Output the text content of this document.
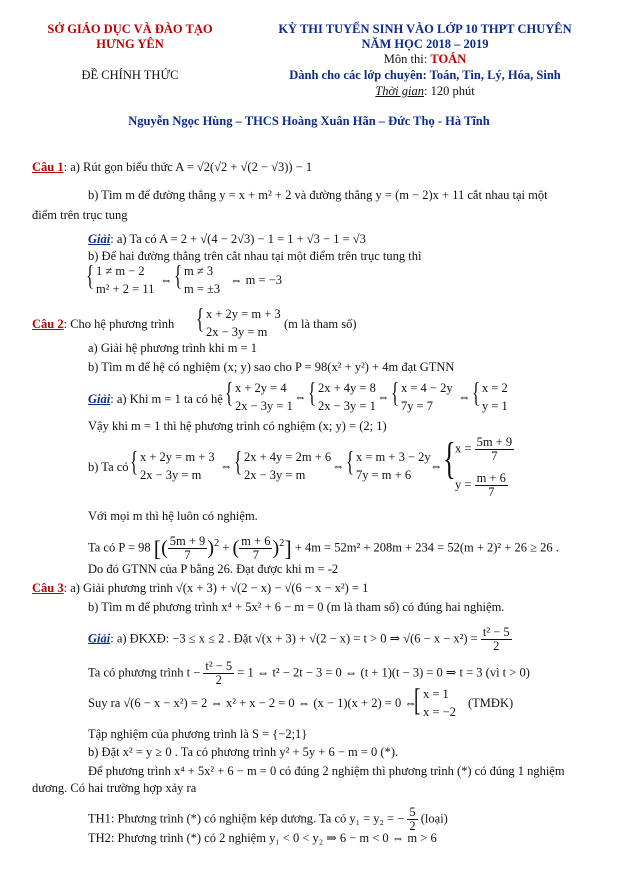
SỞ GIÁO DỤC VÀ ĐÀO TẠO
HƯNG YÊN
ĐỀ CHÍNH THỨC
KỲ THI TUYỂN SINH VÀO LỚP 10 THPT CHUYÊN
NĂM HỌC 2018 – 2019
Môn thi: TOÁN
Dành cho các lớp chuyên: Toán, Tin, Lý, Hóa, Sinh
Thời gian: 120 phút
Nguyễn Ngọc Hùng – THCS Hoàng Xuân Hãn – Đức Thọ - Hà Tĩnh
Câu 1: a) Rút gọn biểu thức A = √2(√2 + √(2 − √3)) − 1
b) Tìm m để đường thẳng y = x + m² + 2 và đường thẳng y = (m − 2)x + 11 cắt nhau tại một
điểm trên trục tung
Giải: a) Ta có A = 2 + √(4 − 2√3) − 1 = 1 + √3 − 1 = √3
b) Để hai đường thẳng trên cắt nhau tại một điểm trên trục tung thì
{ 1 ≠ m − 2
m² + 2 = 11
⇔ { m ≠ 3
m = ±3
⇔ m = −3
Câu 2: Cho hệ phương trình { x + 2y = m + 3
2x − 3y = m
(m là tham số)
a) Giải hệ phương trình khi m = 1
b) Tìm m để hệ có nghiệm (x; y) sao cho P = 98(x² + y²) + 4m đạt GTNN
Giải: a) Khi m = 1 ta có hệ { x + 2y = 4
2x − 3y = 1
⇔ { 2x + 4y = 8
2x − 3y = 1
⇔ { x = 4 − 2y
7y = 7
⇔ { x = 2
y = 1
Vậy khi m = 1 thì hệ phương trình có nghiệm (x; y) = (2; 1)
b) Ta có { x + 2y = m + 3
2x − 3y = m
⇔ { 2x + 4y = 2m + 6
2x − 3y = m
⇔ { x = m + 3 − 2y
7y = m + 6
⇔ { $x = \frac{5m + 9}{7}$
$y = \frac{m + 6}{7}$
Với mọi m thì hệ luôn có nghiệm.
Ta có P = 98 [( $\frac{5m + 9}{7} )^2$ + ( $\frac{m + 6}{7} )^2] + 4m = 52m^2 + 208m + 234 = 52(m + 2)^2 + 26 \ge 26$ .
Do đó GTNN của P bằng 26. Đạt được khi m = -2
Câu 3: a) Giải phương trình √(x + 3) + √(2 − x) − √(6 − x − x²) = 1
b) Tìm m để phương trình x⁴ + 5x² + 6 − m = 0 (m là tham số) có đúng hai nghiệm.
Giải: a) ĐKXĐ: −3 ≤ x ≤ 2 . Đặt √(x + 3) + √(2 − x) = t > 0 ⇒ $√(6 - x - x^2) = \frac{\text{t² − 5}}{2}$
Ta có phương trình $t - \frac{\text{t² − 5}}{2} = 1$ ⇔ t² − 2t − 3 = 0 ⇔ (t + 1)(t − 3) = 0 ⇒ t = 3 (vì t > 0)
Suy ra √(6 − x − x²) = 2 ⇔ x² + x − 2 = 0 ⇔ (x − 1)(x + 2) = 0 ⇔
[ x = 1
x = −2
(TMĐK)
Tập nghiệm của phương trình là S = {−2;1}
b) Đặt x² = y ≥ 0 . Ta có phương trình y² + 5y + 6 − m = 0 (*).
Để phương trình x⁴ + 5x² + 6 − m = 0 có đúng 2 nghiệm thì phương trình (*) có đúng 1 nghiệm
dương. Có hai trường hợp xảy ra
TH1: Phương trình (*) có nghiệm kép dương. Ta có y₁ = y₂ = − $\frac{5}{2}$ (loại)
TH2: Phương trình (*) có 2 nghiệm y₁ < 0 < y₂ ⇒ 6 − m < 0 ⇔ m > 6
